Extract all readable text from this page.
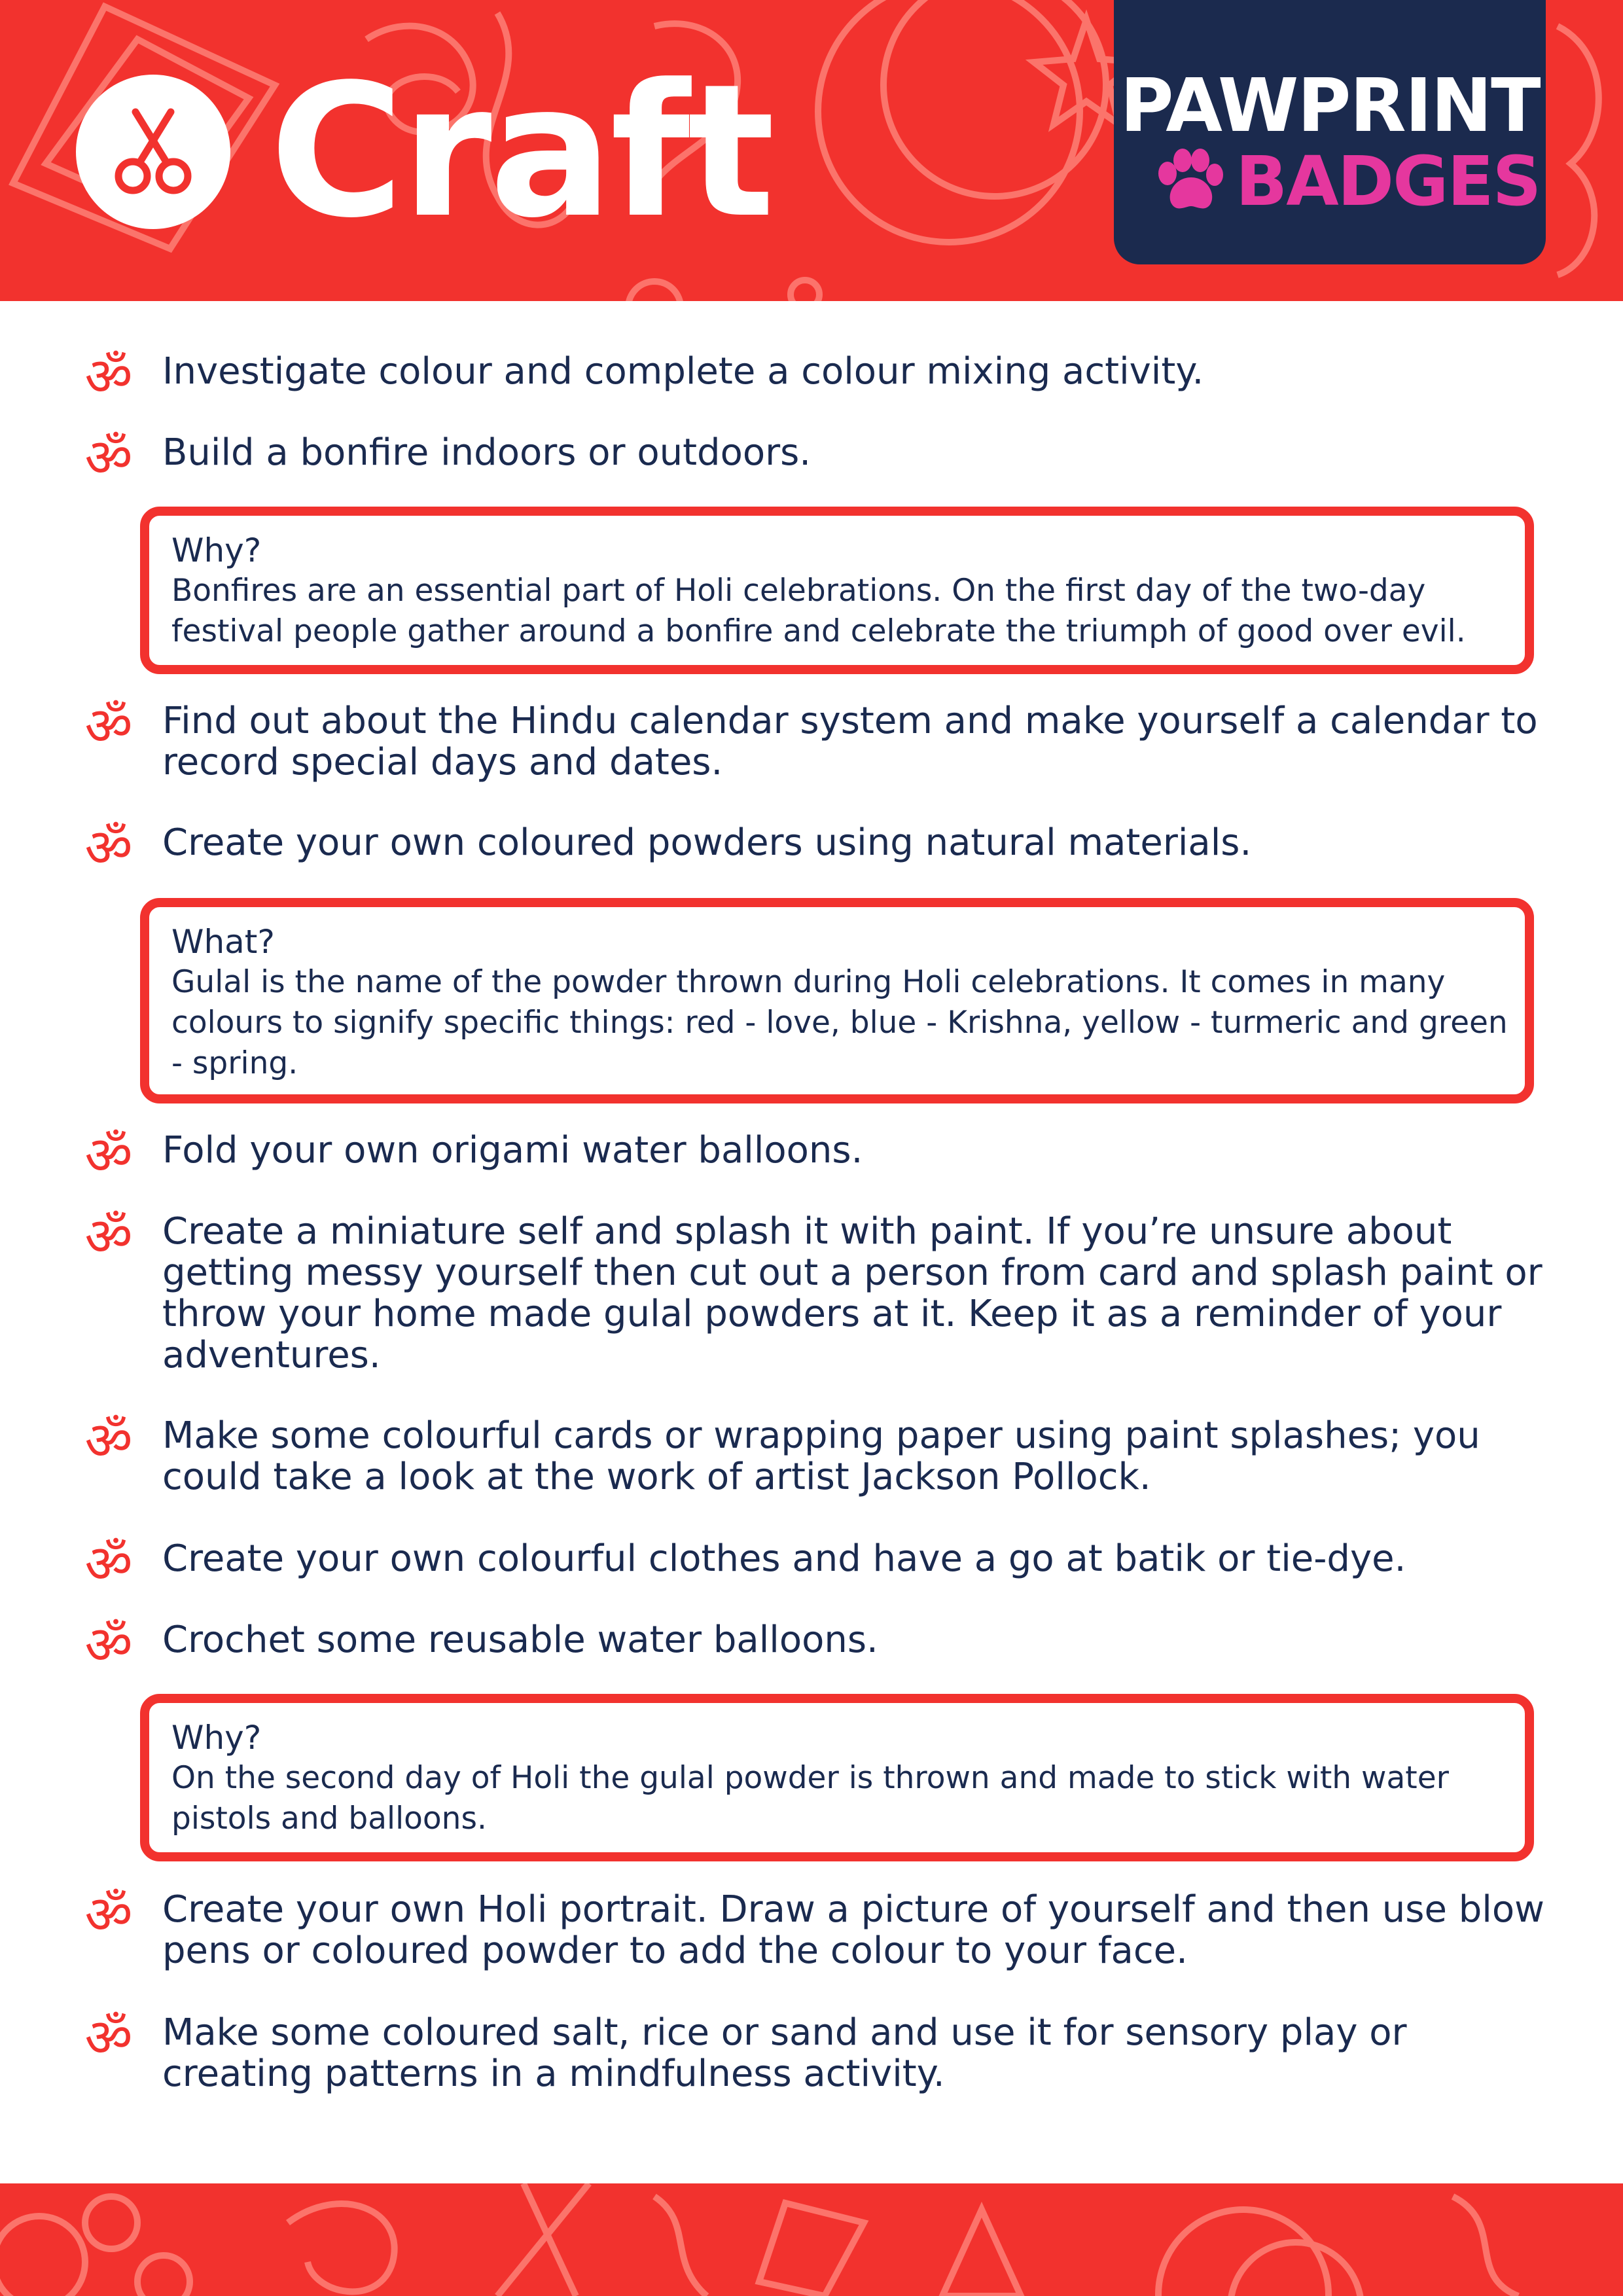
Craft	PAWPRINT
BADGES
ॐ Investigate colour and complete a colour mixing activity.
ॐ Build a bonfire indoors or outdoors.
Why?
Bonfires are an essential part of Holi celebrations. On the first day of the two-day festival people gather around a bonfire and celebrate the triumph of good over evil.
ॐ Find out about the Hindu calendar system and make yourself a calendar to record special days and dates.
ॐ Create your own coloured powders using natural materials.
What?
Gulal is the name of the powder thrown during Holi celebrations. It comes in many colours to signify specific things: red - love, blue - Krishna, yellow - turmeric and green - spring.
ॐ Fold your own origami water balloons.
ॐ Create a miniature self and splash it with paint. If you’re unsure about getting messy yourself then cut out a person from card and splash paint or throw your home made gulal powders at it. Keep it as a reminder of your adventures.
ॐ Make some colourful cards or wrapping paper using paint splashes; you could take a look at the work of artist Jackson Pollock.
ॐ Create your own colourful clothes and have a go at batik or tie-dye.
ॐ Crochet some reusable water balloons.
Why?
On the second day of Holi the gulal powder is thrown and made to stick with water pistols and balloons.
ॐ Create your own Holi portrait. Draw a picture of yourself and then use blow pens or coloured powder to add the colour to your face.
ॐ Make some coloured salt, rice or sand and use it for sensory play or creating patterns in a mindfulness activity.
